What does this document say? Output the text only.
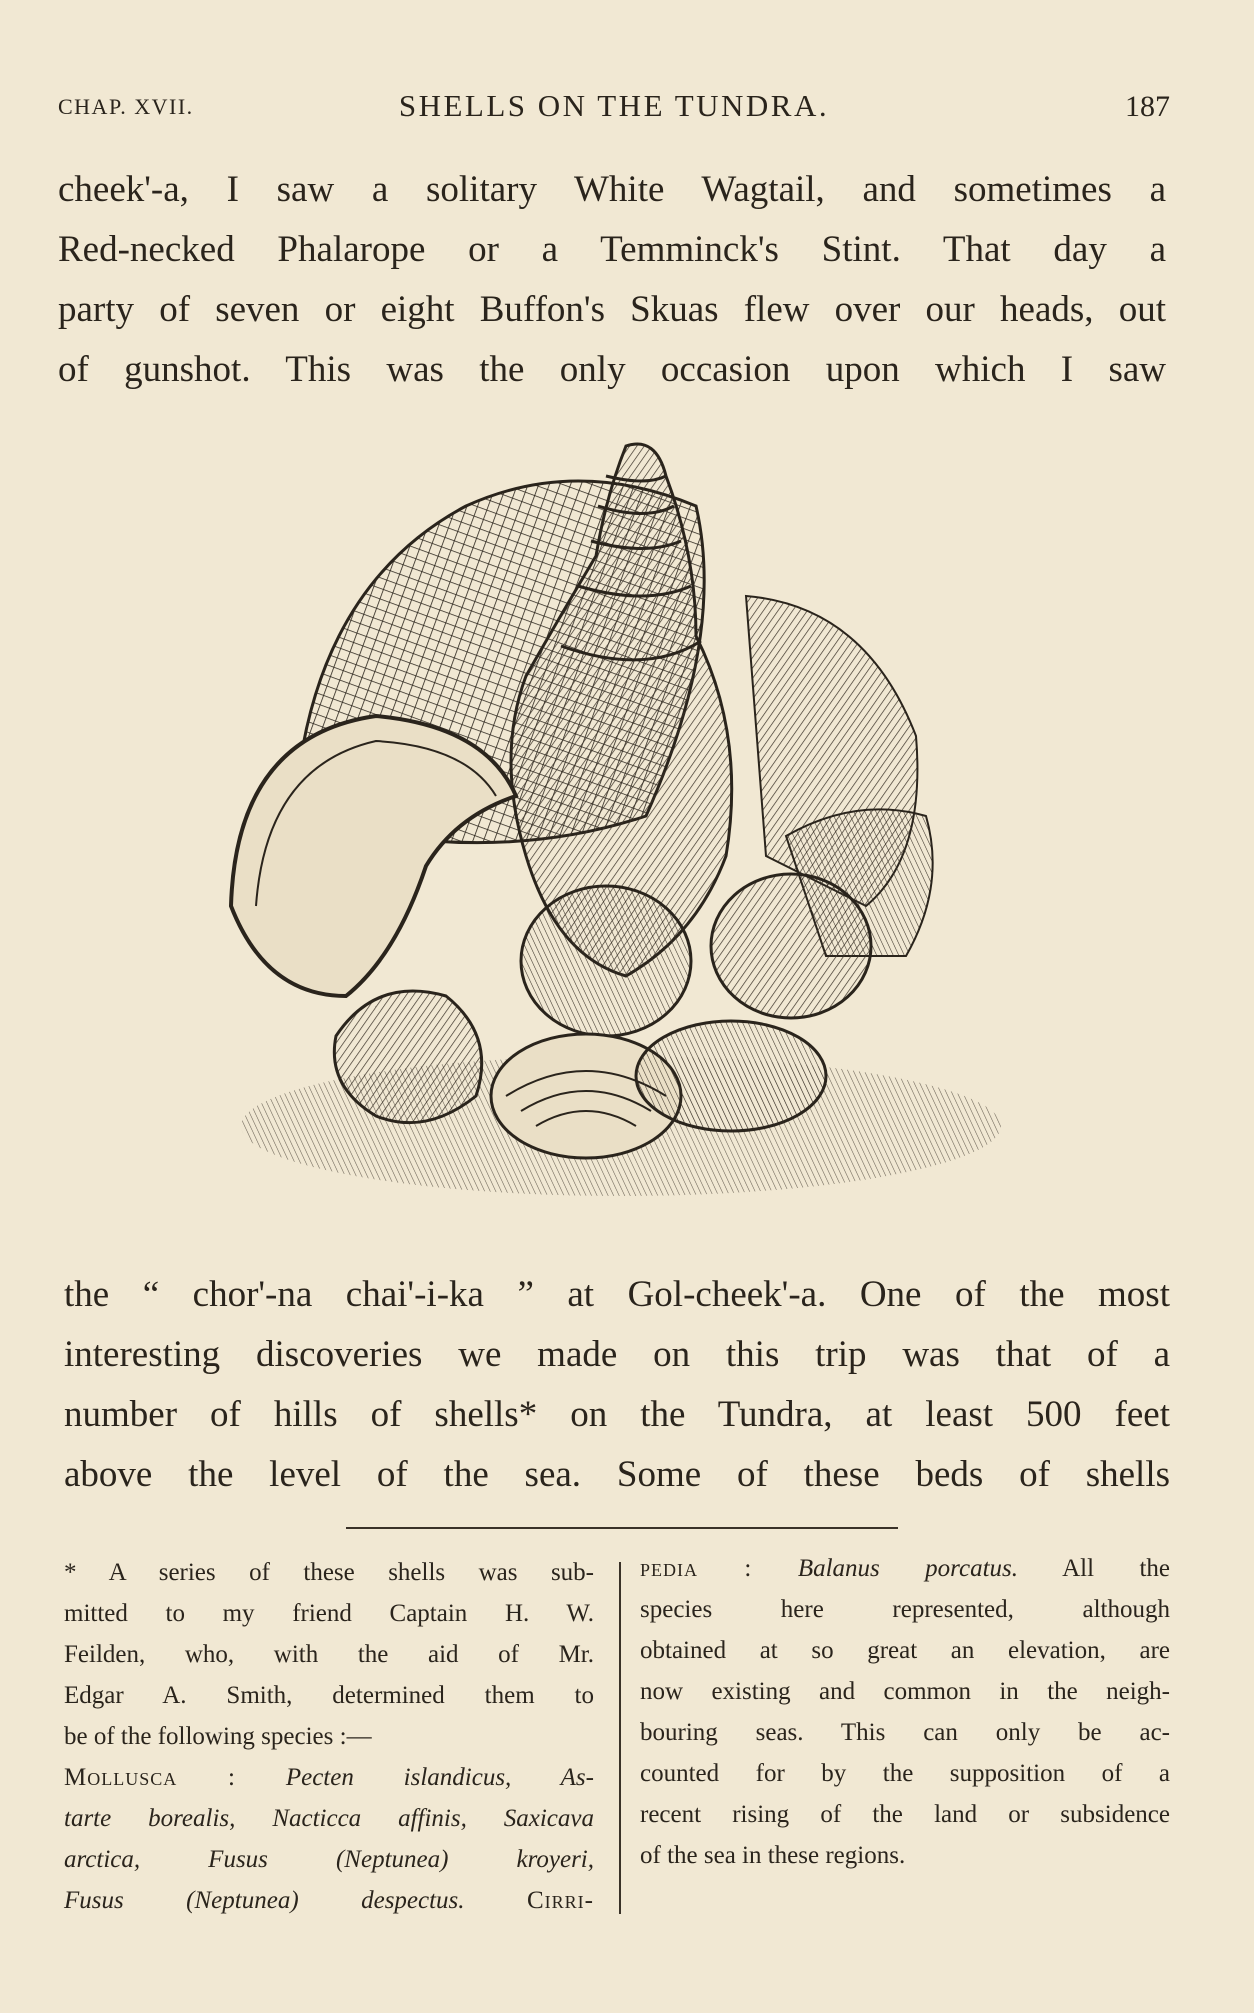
CHAP. XVII.	SHELLS ON THE TUNDRA.	187
cheek'-a, I saw a solitary White Wagtail, and sometimes a
Red-necked Phalarope or a Temminck's Stint. That day a
party of seven or eight Buffon's Skuas flew over our heads, out
of gunshot. This was the only occasion upon which I saw
the “ chor'-na chai'-i-ka ” at Gol-cheek'-a. One of the most
interesting discoveries we made on this trip was that of a
number of hills of shells* on the Tundra, at least 500 feet
above the level of the sea. Some of these beds of shells
* A series of these shells was sub-
mitted to my friend Captain H. W.
Feilden, who, with the aid of Mr.
Edgar A. Smith, determined them to
be of the following species :—
Mollusca : Pecten islandicus, As-
tarte borealis, Nacticca affinis, Saxicava
arctica, Fusus (Neptunea) kroyeri,
Fusus (Neptunea) despectus. Cirri-
pedia : Balanus porcatus. All the
species here represented, although
obtained at so great an elevation, are
now existing and common in the neigh-
bouring seas. This can only be ac-
counted for by the supposition of a
recent rising of the land or subsidence
of the sea in these regions.
